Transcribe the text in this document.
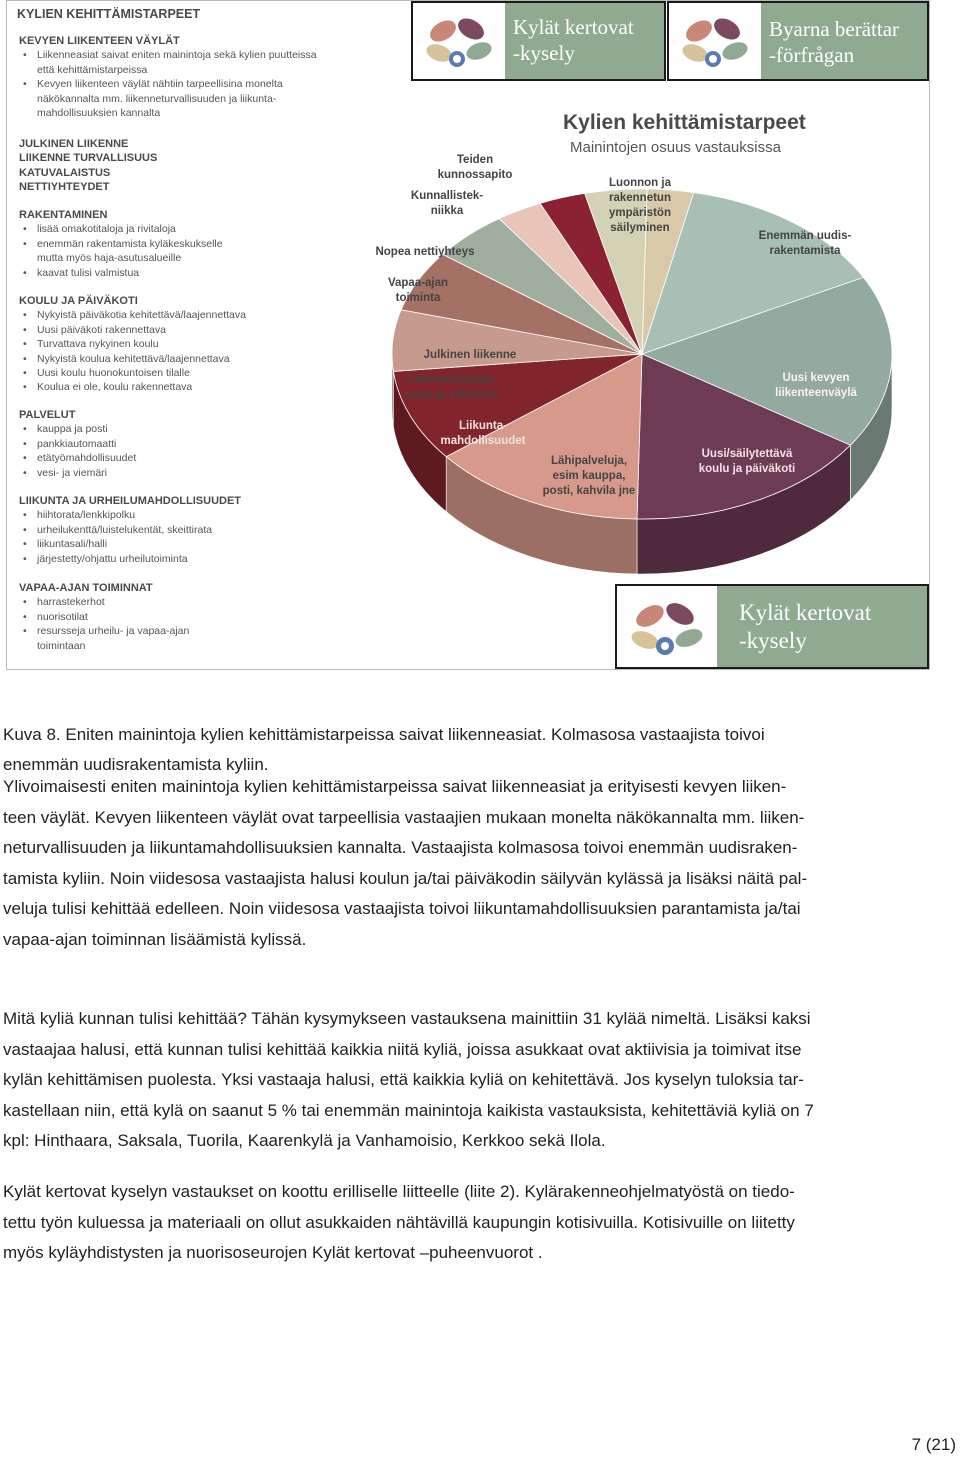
KYLIEN KEHITTÄMISTARPEET
KEVYEN LIIKENTEEN VÄYLÄT
• Liikenneasiat saivat eniten mainintoja sekä kylien puutteissa
että kehittämistarpeissa
• Kevyen liikenteen väylät nähtiin tarpeellisina monelta
näkökannalta mm. liikenneturvallisuuden ja liikunta-
mahdollisuuksien kannalta
JULKINEN LIIKENNE
LIIKENNE TURVALLISUUS
KATUVALAISTUS
NETTIYHTEYDET
RAKENTAMINEN
• lisää omakotitaloja ja rivitaloja
• enemmän rakentamista kyläkeskukselle
mutta myös haja-asutusalueille
• kaavat tulisi valmistua
KOULU JA PÄIVÄKOTI
• Nykyistä päiväkotia kehitettävä/laajennettava
• Uusi päiväkoti rakennettava
• Turvattava nykyinen koulu
• Nykyistä koulua kehitettävä/laajennettava
• Uusi koulu huonokuntoisen tilalle
• Koulua ei ole, koulu rakennettava
PALVELUT
• kauppa ja posti
• pankkiautomaatti
• etätyömahdollisuudet
• vesi- ja viemäri
LIIKUNTA JA URHEILUMAHDOLLISUUDET
• hiihtorata/lenkkipolku
• urheilukenttä/luistelukentät, skeittirata
• liikuntasali/halli
• järjestetty/ohjattu urheilutoiminta
VAPAA-AJAN TOIMINNAT
• harrastekerhot
• nuorisotilat
• resursseja urheilu- ja vapaa-ajan
toimintaan
Kylät kertovat
-kysely
Byarna berättar
-förfrågan
Kylien kehittämistarpeet
Mainintojen osuus vastauksissa
Teiden
kunnossapito
Kunnallistek-
niikka
Luonnon ja
rakennetun
ympäristön
säilyminen
Enemmän uudis-
rakentamista
Nopea nettiyhteys
Vapaa-ajan
toiminta
Julkinen liikenne
Liikenneturvalli-
suus ja valaistus
Liikunta-
mahdollisuudet
Lähipalveluja,
esim kauppa,
posti, kahvila jne
Uusi kevyen
liikenteenväylä
Uusi/säilytettävä
koulu ja päiväkoti
Kylät kertovat
-kysely
Kuva 8. Eniten mainintoja kylien kehittämistarpeissa saivat liikenneasiat. Kolmasosa vastaajista toivoi
enemmän uudisrakentamista kyliin.
Ylivoimaisesti eniten mainintoja kylien kehittämistarpeissa saivat liikenneasiat ja erityisesti kevyen liiken-
teen väylät. Kevyen liikenteen väylät ovat tarpeellisia vastaajien mukaan monelta näkökannalta mm. liiken-
neturvallisuuden ja liikuntamahdollisuuksien kannalta. Vastaajista kolmasosa toivoi enemmän uudisraken-
tamista kyliin. Noin viidesosa vastaajista halusi koulun ja/tai päiväkodin säilyvän kylässä ja lisäksi näitä pal-
veluja tulisi kehittää edelleen. Noin viidesosa vastaajista toivoi liikuntamahdollisuuksien parantamista ja/tai
vapaa-ajan toiminnan lisäämistä kylissä.
Mitä kyliä kunnan tulisi kehittää? Tähän kysymykseen vastauksena mainittiin 31 kylää nimeltä. Lisäksi kaksi
vastaajaa halusi, että kunnan tulisi kehittää kaikkia niitä kyliä, joissa asukkaat ovat aktiivisia ja toimivat itse
kylän kehittämisen puolesta. Yksi vastaaja halusi, että kaikkia kyliä on kehitettävä. Jos kyselyn tuloksia tar-
kastellaan niin, että kylä on saanut 5 % tai enemmän mainintoja kaikista vastauksista, kehitettäviä kyliä on 7
kpl: Hinthaara, Saksala, Tuorila, Kaarenkylä ja Vanhamoisio, Kerkkoo sekä Ilola.
Kylät kertovat kyselyn vastaukset on koottu erilliselle liitteelle (liite 2). Kylärakenneohjelmatyöstä on tiedo-
tettu työn kuluessa ja materiaali on ollut asukkaiden nähtävillä kaupungin kotisivuilla. Kotisivuille on liitetty
myös kyläyhdistysten ja nuorisoseurojen Kylät kertovat –puheenvuorot .
7 (21)
